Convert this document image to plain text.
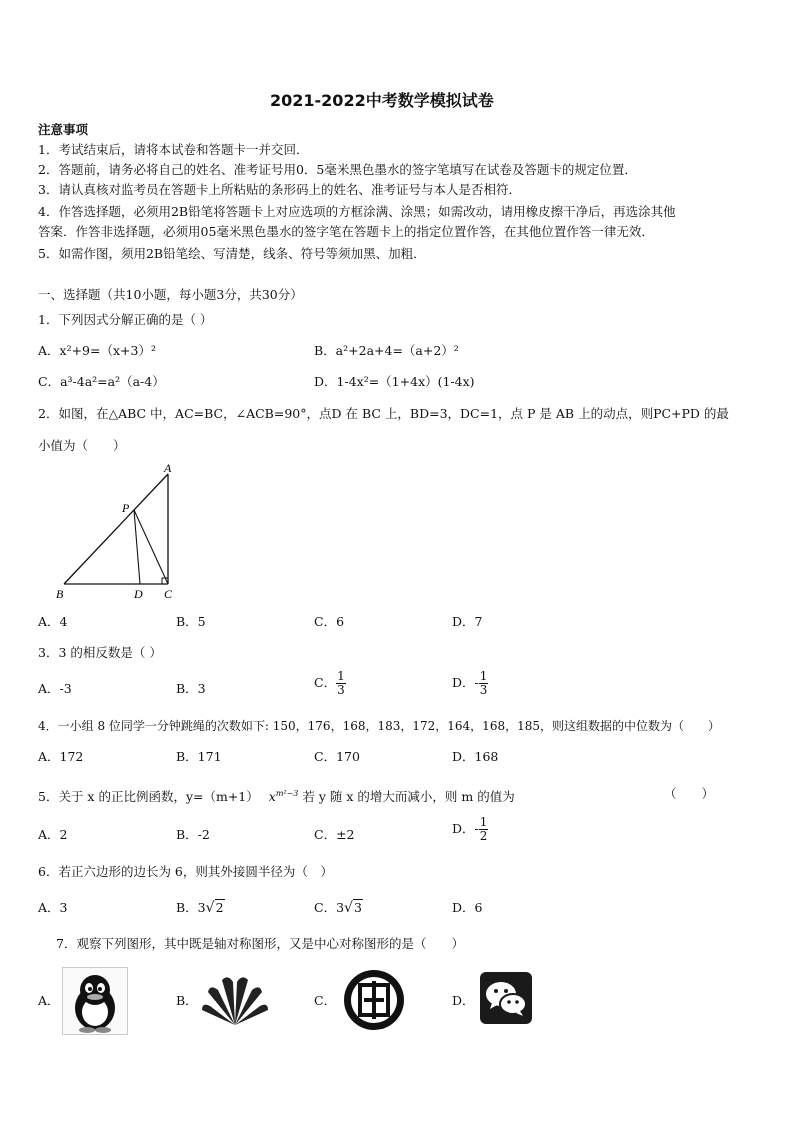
2021-2022中考数学模拟试卷
注意事项
1．考试结束后，请将本试卷和答题卡一并交回．
2．答题前，请务必将自己的姓名、准考证号用0．5毫米黑色墨水的签字笔填写在试卷及答题卡的规定位置．
3．请认真核对监考员在答题卡上所粘贴的条形码上的姓名、准考证号与本人是否相符．
4．作答选择题，必须用2B铅笔将答题卡上对应选项的方框涂满、涂黑；如需改动，请用橡皮擦干净后，再选涂其他
答案．作答非选择题，必须用05毫米黑色墨水的签字笔在答题卡上的指定位置作答，在其他位置作答一律无效．
5．如需作图，须用2B铅笔绘、写清楚，线条、符号等须加黑、加粗．
一、选择题（共10小题，每小题3分，共30分）
1．下列因式分解正确的是（ ）
A．x²+9=（x+3）²	B．a²+2a+4=（a+2）²
C．a³-4a²=a²（a-4）	D．1-4x²=（1+4x）(1-4x)
2．如图，在△ABC 中，AC=BC，∠ACB=90°，点D 在 BC 上，BD=3，DC=1，点 P 是 AB 上的动点，则PC+PD 的最
小值为（　　）
A
P
B	D C
A．4	B．5	C．6	D．7
3．3 的相反数是（ ）
A．-3	B．3	C． $\frac{1}{3}$	D．- $\frac{1}{3}$
4．一小组 8 位同学一分钟跳绳的次数如下: 150，176，168，183，172，164，168，185，则这组数据的中位数为（　　）
A．172	B．171	C．170	D．168
5．关于 x 的正比例函数，y=（m+1） $x^{m^2-3}$ 若 y 随 x 的增大而减小，则 m 的值为	（　　）
A．2	B．-2	C．±2	D．- $\frac{1}{2}$
6．若正六边形的边长为 6，则其外接圆半径为（　）
A．3	B．3√2	C．3√3	D．6
7．观察下列图形，其中既是轴对称图形，又是中心对称图形的是（　　）
A．	B．	C．	D．
